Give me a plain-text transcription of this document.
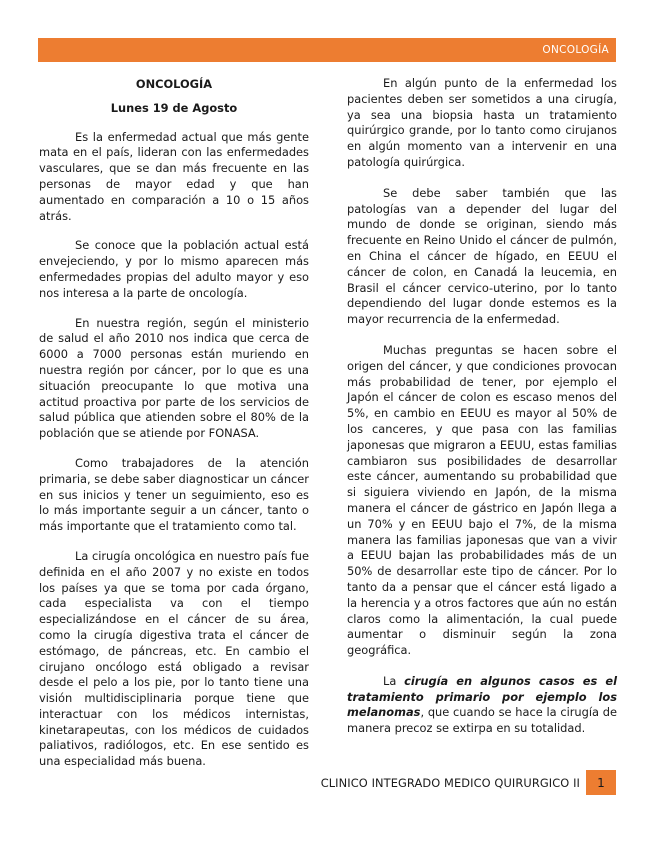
ONCOLOGÍA
ONCOLOGÍA
Lunes 19 de Agosto

Es la enfermedad actual que más gente mata en el país, lideran con las enfermedades vasculares, que se dan más frecuente en las personas de mayor edad y que han aumentado en comparación a 10 o 15 años atrás.

Se conoce que la población actual está envejeciendo, y por lo mismo aparecen más enfermedades propias del adulto mayor y eso nos interesa a la parte de oncología.

En nuestra región, según el ministerio de salud el año 2010 nos indica que cerca de 6000 a 7000 personas están muriendo en nuestra región por cáncer, por lo que es una situación preocupante lo que motiva una actitud proactiva por parte de los servicios de salud pública que atienden sobre el 80% de la población que se atiende por FONASA.

Como trabajadores de la atención primaria, se debe saber diagnosticar un cáncer en sus inicios y tener un seguimiento, eso es lo más importante seguir a un cáncer, tanto o más importante que el tratamiento como tal.

La cirugía oncológica en nuestro país fue definida en el año 2007 y no existe en todos los países ya que se toma por cada órgano, cada especialista va con el tiempo especializándose en el cáncer de su área, como la cirugía digestiva trata el cáncer de estómago, de páncreas, etc. En cambio el cirujano oncólogo está obligado a revisar desde el pelo a los pie, por lo tanto tiene una visión multidisciplinaria porque tiene que interactuar con los médicos internistas, kinetarapeutas, con los médicos de cuidados paliativos, radiólogos, etc. En ese sentido es una especialidad más buena.

En algún punto de la enfermedad los pacientes deben ser sometidos a una cirugía, ya sea una biopsia hasta un tratamiento quirúrgico grande, por lo tanto como cirujanos en algún momento van a intervenir en una patología quirúrgica.

Se debe saber también que las patologías van a depender del lugar del mundo de donde se originan, siendo más frecuente en Reino Unido el cáncer de pulmón, en China el cáncer de hígado, en EEUU el cáncer de colon, en Canadá la leucemia, en Brasil el cáncer cervico-uterino, por lo tanto dependiendo del lugar donde estemos es la mayor recurrencia de la enfermedad.

Muchas preguntas se hacen sobre el origen del cáncer, y que condiciones provocan más probabilidad de tener, por ejemplo el Japón el cáncer de colon es escaso menos del 5%, en cambio en EEUU es mayor al 50% de los canceres, y que pasa con las familias japonesas que migraron a EEUU, estas familias cambiaron sus posibilidades de desarrollar este cáncer, aumentando su probabilidad que si siguiera viviendo en Japón, de la misma manera el cáncer de gástrico en Japón llega a un 70% y en EEUU bajo el 7%, de la misma manera las familias japonesas que van a vivir a EEUU bajan las probabilidades más de un 50% de desarrollar este tipo de cáncer. Por lo tanto da a pensar que el cáncer está ligado a la herencia y a otros factores que aún no están claros como la alimentación, la cual puede aumentar o disminuir según la zona geográfica.

La cirugía en algunos casos es el tratamiento primario por ejemplo los melanomas, que cuando se hace la cirugía de manera precoz se extirpa en su totalidad.

CLINICO INTEGRADO MEDICO QUIRURGICO II	1
